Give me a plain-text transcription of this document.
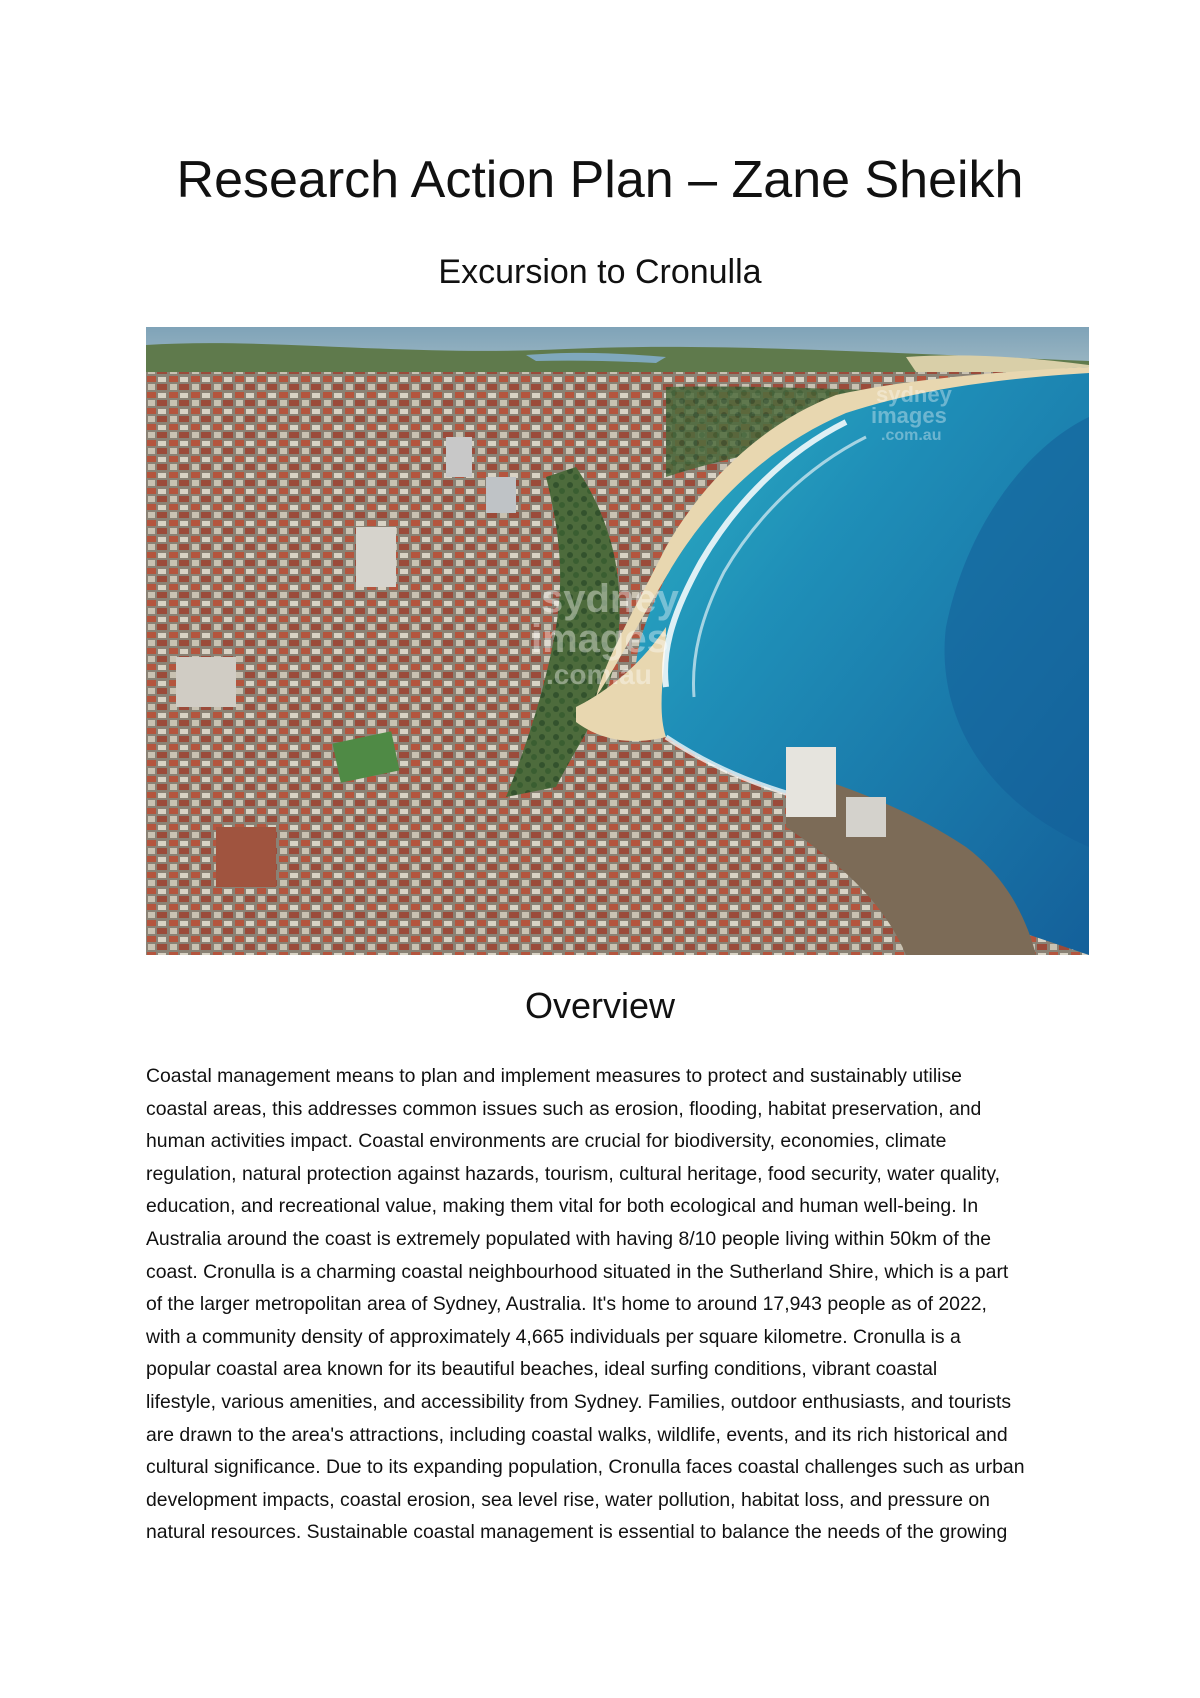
Research Action Plan – Zane Sheikh
Excursion to Cronulla
sydney
images
.com.au
sydney
images
.com.au
Overview

Coastal management means to plan and implement measures to protect and sustainably utilise
coastal areas, this addresses common issues such as erosion, flooding, habitat preservation, and
human activities impact. Coastal environments are crucial for biodiversity, economies, climate
regulation, natural protection against hazards, tourism, cultural heritage, food security, water quality,
education, and recreational value, making them vital for both ecological and human well-being. In
Australia around the coast is extremely populated with having 8/10 people living within 50km of the
coast. Cronulla is a charming coastal neighbourhood situated in the Sutherland Shire, which is a part
of the larger metropolitan area of Sydney, Australia. It's home to around 17,943 people as of 2022,
with a community density of approximately 4,665 individuals per square kilometre. Cronulla is a
popular coastal area known for its beautiful beaches, ideal surfing conditions, vibrant coastal
lifestyle, various amenities, and accessibility from Sydney. Families, outdoor enthusiasts, and tourists
are drawn to the area's attractions, including coastal walks, wildlife, events, and its rich historical and
cultural significance. Due to its expanding population, Cronulla faces coastal challenges such as urban
development impacts, coastal erosion, sea level rise, water pollution, habitat loss, and pressure on
natural resources. Sustainable coastal management is essential to balance the needs of the growing
